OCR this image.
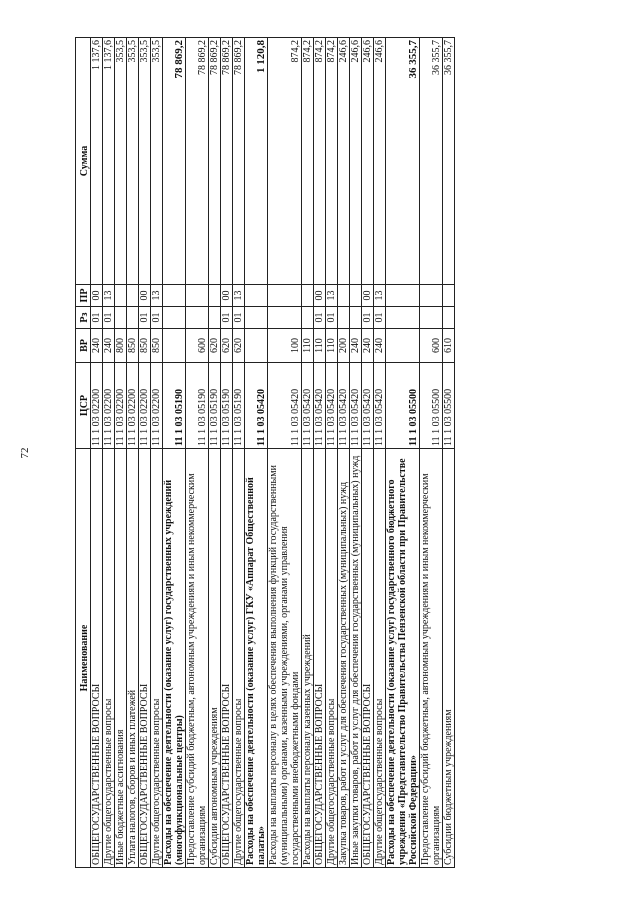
72
Наименование	ЦСР	ВР	Рз	ПР	Сумма
ОБЩЕГОСУДАРСТВЕННЫЕ ВОПРОСЫ	11 1 03 02200	240	01	00	1 137,6
Другие общегосударственные вопросы	11 1 03 02200	240	01	13	1 137,6
Иные бюджетные ассигнования	11 1 03 02200	800			353,5
Уплата налогов, сборов и иных платежей	11 1 03 02200	850			353,5
ОБЩЕГОСУДАРСТВЕННЫЕ ВОПРОСЫ	11 1 03 02200	850	01	00	353,5
Другие общегосударственные вопросы	11 1 03 02200	850	01	13	353,5
Расходы на обеспечение деятельности (оказание услуг) государственных учреждений (многофункциональные центры)	11 1 03 05190				78 869,2
Предоставление субсидий бюджетным, автономным учреждениям и иным некоммерческим организациям	11 1 03 05190	600			78 869,2
Субсидии автономным учреждениям	11 1 03 05190	620			78 869,2
ОБЩЕГОСУДАРСТВЕННЫЕ ВОПРОСЫ	11 1 03 05190	620	01	00	78 869,2
Другие общегосударственные вопросы	11 1 03 05190	620	01	13	78 869,2
Расходы на обеспечение деятельности (оказание услуг) ГКУ «Аппарат Общественной палаты»	11 1 03 05420				1 120,8
Расходы на выплаты персоналу в целях обеспечения выполнения функций государственными (муниципальными) органами, казенными учреждениями, органами управления государственными внебюджетными фондами	11 1 03 05420	100			874,2
Расходы на выплаты персоналу казенных учреждений	11 1 03 05420	110			874,2
ОБЩЕГОСУДАРСТВЕННЫЕ ВОПРОСЫ	11 1 03 05420	110	01	00	874,2
Другие общегосударственные вопросы	11 1 03 05420	110	01	13	874,2
Закупка товаров, работ и услуг для обеспечения государственных (муниципальных) нужд	11 1 03 05420	200			246,6
Иные закупки товаров, работ и услуг для обеспечения государственных (муниципальных) нужд	11 1 03 05420	240			246,6
ОБЩЕГОСУДАРСТВЕННЫЕ ВОПРОСЫ	11 1 03 05420	240	01	00	246,6
Другие общегосударственные вопросы	11 1 03 05420	240	01	13	246,6
Расходы на обеспечение деятельности (оказание услуг) государственного бюджетного учреждения «Представительство Правительства Пензенской области при Правительстве Российской Федерации»	11 1 03 05500				36 355,7
Предоставление субсидий бюджетным, автономным учреждениям и иным некоммерческим организациям	11 1 03 05500	600			36 355,7
Субсидии бюджетным учреждениям	11 1 03 05500	610			36 355,7
